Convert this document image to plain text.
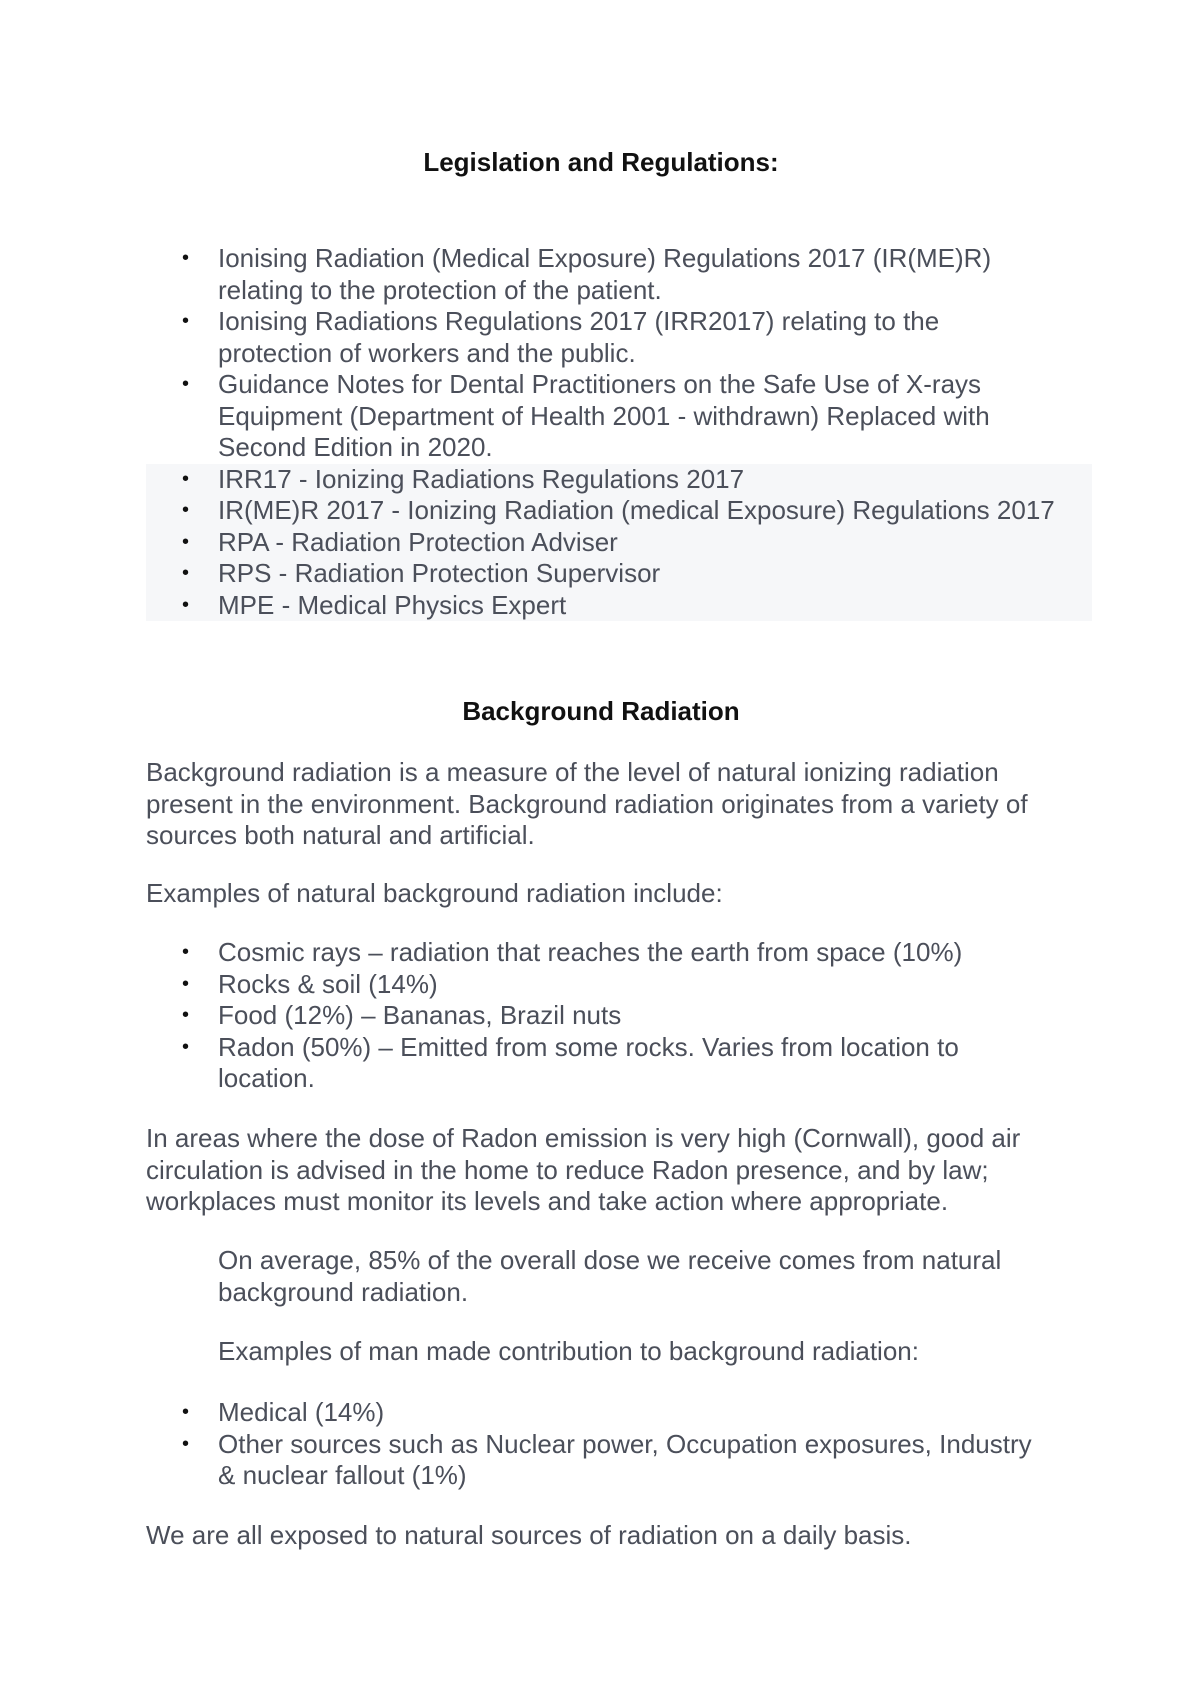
Legislation and Regulations:
• Ionising Radiation (Medical Exposure) Regulations 2017 (IR(ME)R) relating to the protection of the patient.
• Ionising Radiations Regulations 2017 (IRR2017) relating to the protection of workers and the public.
• Guidance Notes for Dental Practitioners on the Safe Use of X-rays Equipment (Department of Health 2001 - withdrawn) Replaced with Second Edition in 2020.
• IRR17 - Ionizing Radiations Regulations 2017
• IR(ME)R 2017 - Ionizing Radiation (medical Exposure) Regulations 2017
• RPA - Radiation Protection Adviser
• RPS - Radiation Protection Supervisor
• MPE - Medical Physics Expert
Background Radiation

Background radiation is a measure of the level of natural ionizing radiation present in the environment. Background radiation originates from a variety of sources both natural and artificial.

Examples of natural background radiation include:

• Cosmic rays – radiation that reaches the earth from space (10%)
• Rocks & soil (14%)
• Food (12%) – Bananas, Brazil nuts
• Radon (50%) – Emitted from some rocks. Varies from location to location.

In areas where the dose of Radon emission is very high (Cornwall), good air circulation is advised in the home to reduce Radon presence, and by law; workplaces must monitor its levels and take action where appropriate.

On average, 85% of the overall dose we receive comes from natural background radiation.

Examples of man made contribution to background radiation:

• Medical (14%)
• Other sources such as Nuclear power, Occupation exposures, Industry & nuclear fallout (1%)

We are all exposed to natural sources of radiation on a daily basis.
